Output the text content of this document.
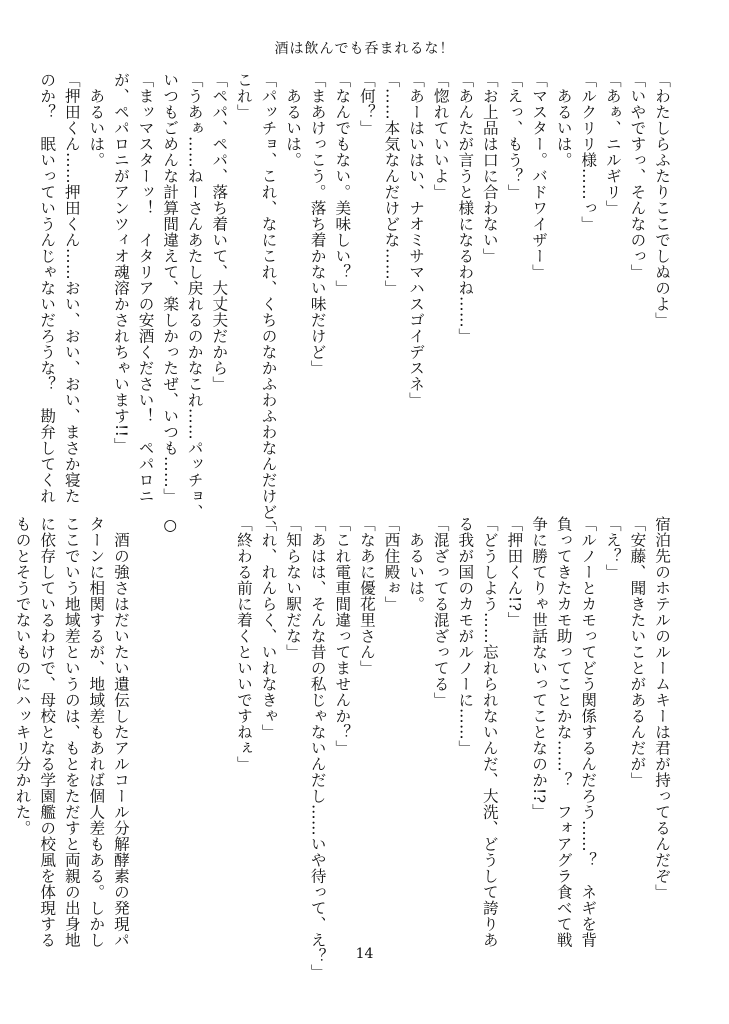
酒は飲んでも呑まれるな！
「わたしらふたりここでしぬのよ」
「いやですっ、そんなのっ」
「あぁ、ニルギリ」
「ルクリリ様……っ」
　あるいは。
「マスター。バドワイザー」
「えっ、もう？」
「お上品は口に合わない」
「あんたが言うと様になるわね……」
「惚れていいよ」
「あーはいはい、ナオミサマハスゴイデスネ」
「……本気なんだけどな……」
「何？」
「なんでもない。美味しい？」
「まあけっこう。落ち着かない味だけど」
　あるいは。
「パッチョ、これ、なにこれ、くちのなかふわふわなんだけど、
これ」
「ペパ、ペパ、落ち着いて、大丈夫だから」
「うあぁ……ねーさんあたし戻れるのかなこれ……パッチョ、
いつもごめんな計算間違えて、楽しかったぜ、いつも……」
「まッマスターッ！　イタリアの安酒ください！　ペパロニ
が、ペパロニがアンツィオ魂溶かされちゃいます!!」
　あるいは。
「押田くん……押田くん……おい、おい、おい、まさか寝た
のか？　眠いっていうんじゃないだろうな？　勘弁してくれ
宿泊先のホテルのルームキーは君が持ってるんだぞ」
「安藤、聞きたいことがあるんだが」
「え？」
「ルノーとカモってどう関係するんだろう……？　ネギを背
負ってきたカモ助ってことかな……？　フォアグラ食べて戦
争に勝てりゃ世話ないってことなのか!?」
「押田くん!?」
「どうしよう……忘れられないんだ、大洗、どうして誇りあ
る我が国のカモがルノーに……」
「混ざってる混ざってる」
　あるいは。
「西住殿ぉ」
「なあに優花里さん」
「これ電車間違ってませんか？」
「あはは、そんな昔の私じゃないんだし……いや待って、え？」
「知らない駅だな」
「れ、れんらく、いれなきゃ」
「終わる前に着くといいですねぇ」

○

　酒の強さはだいたい遺伝したアルコール分解酵素の発現パ
ターンに相関するが、地域差もあれば個人差もある。しかし
ここでいう地域差というのは、もとをただすと両親の出身地
に依存しているわけで、母校となる学園艦の校風を体現する
ものとそうでないものにハッキリ分かれた。
14
